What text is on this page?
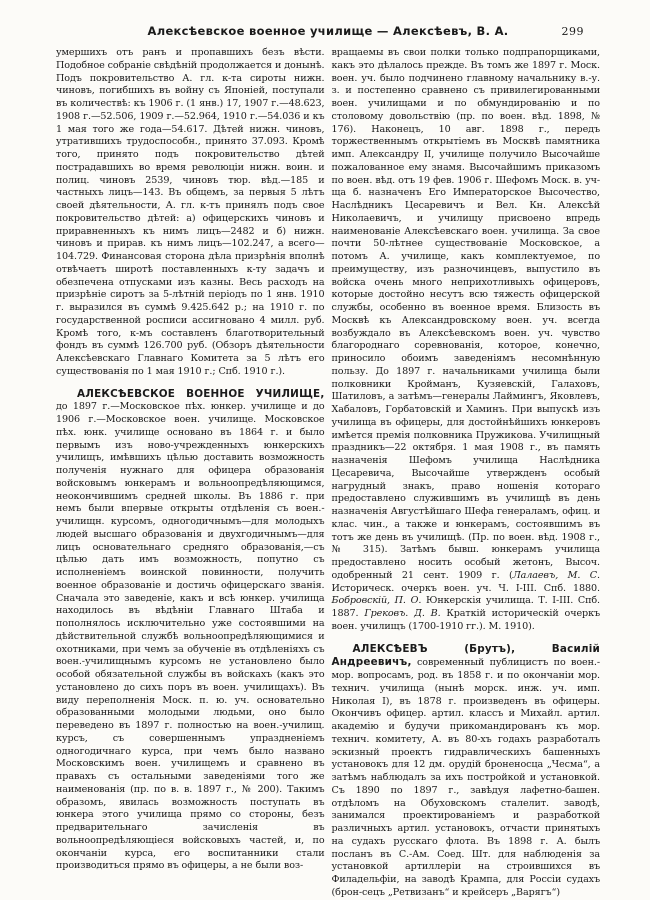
Алексѣевское военное училище — Алексѣевъ, В. А.	299

умершихъ отъ ранъ и пропавшихъ безъ вѣсти. Подобное собраніе свѣдѣній продолжается и донынѣ. Подъ покровительство А. гл. к-та сироты нижн. чиновъ, погибшихъ въ войну съ Японіей, поступали въ количествѣ: къ 1906 г. (1 янв.) 17, 1907 г.—48.623, 1908 г.—52.506, 1909 г.—52.964, 1910 г.—54.036 и къ 1 мая того же года—54.617. Дѣтей нижн. чиновъ, утратившихъ трудоспособн., принято 37.093. Кромѣ того, принято подъ покровительство дѣтей пострадавшихъ во время революціи нижн. воин. и полиц. чиновъ 2539, чиновъ тюр. вѣд.—185 и частныхъ лицъ—143. Въ общемъ, за первыя 5 лѣтъ своей дѣятельности, А. гл. к-тъ принялъ подъ свое покровительство дѣтей: а) офицерскихъ чиновъ и приравненныхъ къ нимъ лицъ—2482 и б) нижн. чиновъ и прирав. къ нимъ лицъ—102.247, а всего—104.729. Финансовая сторона дѣла призрѣнія вполнѣ отвѣчаетъ широтѣ поставленныхъ к-ту задачъ и обезпечена отпусками изъ казны. Весь расходъ на призрѣніе сиротъ за 5-лѣтній періодъ по 1 янв. 1910 г. выразился въ суммѣ 9.425.642 р.; на 1910 г. по государственной росписи ассигновано 4 милл. руб. Кромѣ того, к-мъ составленъ благотворительный фондъ въ суммѣ 126.700 руб. (Обзоръ дѣятельности Алексѣевскаго Главнаго Комитета за 5 лѣтъ его существованія по 1 мая 1910 г.; Спб. 1910 г.).

АЛЕКСѢЕВСКОЕ ВОЕННОЕ УЧИЛИЩЕ, до 1897 г.—Московское пѣх. юнкер. училище и до 1906 г.—Московское воен. училище. Московское пѣх. юнк. училище основано въ 1864 г. и было первымъ изъ ново-учрежденныхъ юнкерскихъ училищъ, имѣвшихъ цѣлью доставить возможность полученія нужнаго для офицера образованія войсковымъ юнкерамъ и вольноопредѣляющимся, неокончившимъ средней школы. Въ 1886 г. при немъ были впервые открыты отдѣленія съ воен.-училищн. курсомъ, одногодичнымъ—для молодыхъ людей высшаго образованія и двухгодичнымъ—для лицъ основательнаго средняго образованія,—съ цѣлью дать имъ возможность, попутно съ исполненіемъ воинской повинности, получить военное образованіе и достичь офицерскаго званія. Сначала это заведеніе, какъ и всѣ юнкер. училища находилось въ вѣдѣніи Главнаго Штаба и пополнялось исключительно уже состоявшими на дѣйствительной службѣ вольноопредѣляющимися и охотниками, при чемъ за обученіе въ отдѣленіяхъ съ воен.-училищнымъ курсомъ не установлено было особой обязательной службы въ войскахъ (какъ это установлено до сихъ поръ въ воен. училищахъ). Въ виду переполненія Моск. п. ю. уч. основательно образованными молодыми людьми, оно было переведено въ 1897 г. полностью на воен.-училищ. курсъ, съ совершеннымъ упраздненіемъ одногодичнаго курса, при чемъ было названо Московскимъ воен. училищемъ и сравнено въ правахъ съ остальными заведеніями того же наименованія (пр. по в. в. 1897 г., № 200). Такимъ образомъ, явилась возможность поступать въ юнкера этого училища прямо со стороны, безъ предварительнаго зачисленія въ вольноопредѣляющіеся войсковыхъ частей, и, по окончаніи курса, его воспитанники стали производиться прямо въ офицеры, а не были воз-

вращаемы въ свои полки только подпрапорщиками, какъ это дѣлалось прежде. Въ томъ же 1897 г. Моск. воен. уч. было подчинено главному начальнику в.-у. з. и постепенно сравнено съ привилегированными воен. училищами и по обмундированію и по столовому довольствію (пр. по воен. вѣд. 1898, № 176). Наконецъ, 10 авг. 1898 г., передъ торжественнымъ открытіемъ въ Москвѣ памятника имп. Александру II, училище получило Высочайше пожалованное ему знамя. Высочайшимъ приказомъ по воен. вѣд. отъ 19 фев. 1906 г. Шефомъ Моск. в. уч-ща б. назначенъ Его Императорское Высочество, Наслѣдникъ Цесаревичъ и Вел. Кн. Алексѣй Николаевичъ, и училищу присвоено впредь наименованіе Алексѣевскаго воен. училища. За свое почти 50-лѣтнее существованіе Московское, а потомъ А. училище, какъ комплектуемое, по преимуществу, изъ разночинцевъ, выпустило въ войска очень много неприхотливыхъ офицеровъ, которые достойно несутъ всю тяжесть офицерской службы, особенно въ военное время. Близость въ Москвѣ къ Александровскому воен. уч. всегда возбуждало въ Алексѣевскомъ воен. уч. чувство благороднаго соревнованія, которое, конечно, приносило обоимъ заведеніямъ несомнѣнную пользу. До 1897 г. начальниками училища были полковники Кройманъ, Кузяевскій, Галаховъ, Шатиловъ, а затѣмъ—генералы Лаймингъ, Яковлевъ, Хабаловъ, Горбатовскій и Хаминъ. При выпускѣ изъ училища въ офицеры, для достойнѣйшихъ юнкеровъ имѣется премія полковника Пружикова. Училищный праздникъ—22 октября. 1 мая 1908 г., въ память назначенія Шефомъ училища Наслѣдника Цесаревича, Высочайше утвержденъ особый нагрудный знакъ, право ношенія котораго предоставлено служившимъ въ училищѣ въ день назначенія Августѣйшаго Шефа генераламъ, офиц. и клас. чин., а также и юнкерамъ, состоявшимъ въ тотъ же день въ училищѣ. (Пр. по воен. вѣд. 1908 г., № 315). Затѣмъ бывш. юнкерамъ училища предоставлено носить особый жетонъ, Высоч. одобренный 21 сент. 1909 г. (Лалаевъ, М. С. Историческ. очеркъ воен. уч. Ч. I-III. Спб. 1880. Бобровскій, П. О. Юнкерскія училища. Т. I-III. Спб. 1887. Грековъ. Д. В. Краткій историческій очеркъ воен. училищъ (1700-1910 гг.). М. 1910).

АЛЕКСѢЕВЪ (Брутъ), Василій Андреевичъ, современный публицистъ по воен.-мор. вопросамъ, род. въ 1858 г. и по окончаніи мор. технич. училища (нынѣ морск. инж. уч. имп. Николая I), въ 1878 г. произведенъ въ офицеры. Окончивъ офицер. артил. классъ и Михайл. артил. академію и будучи прикомандированъ къ мор. технич. комитету, А. въ 80-хъ годахъ разработалъ эскизный проектъ гидравлическихъ башенныхъ установокъ для 12 дм. орудій броненосца „Чесма“, а затѣмъ наблюдалъ за ихъ постройкой и установкой. Съ 1890 по 1897 г., завѣдуя лафетно-башен. отдѣломъ на Обуховскомъ сталелит. заводѣ, занимался проектированіемъ и разработкой различныхъ артил. установокъ, отчасти принятыхъ на судахъ русскаго флота. Въ 1898 г. А. былъ посланъ въ С.-Ам. Соед. Шт. для наблюденія за установкой артиллеріи на строившихся въ Филадельфіи, на заводѣ Крампа, для Россіи судахъ (брон-сецъ „Ретвизанъ“ и крейсеръ „Варягъ“)
